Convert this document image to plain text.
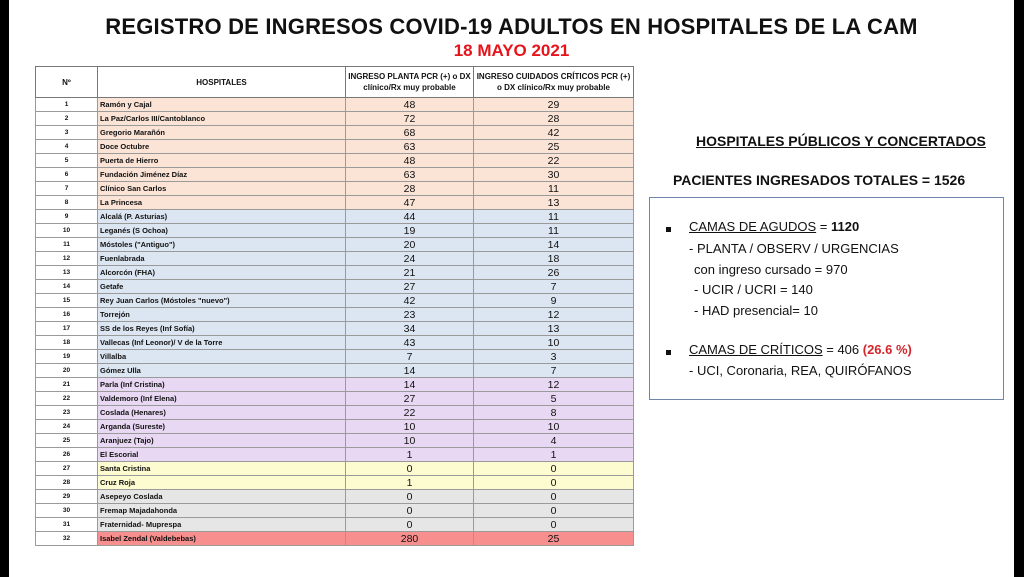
REGISTRO DE INGRESOS COVID-19 ADULTOS EN HOSPITALES DE LA CAM
18 MAYO 2021
Nº	HOSPITALES	INGRESO PLANTA PCR (+) o DX clínico/Rx muy probable	INGRESO CUIDADOS CRÍTICOS PCR (+) o DX clínico/Rx muy probable
1	Ramón y Cajal	48	29
2	La Paz/Carlos III/Cantoblanco	72	28
3	Gregorio Marañón	68	42
4	Doce Octubre	63	25
5	Puerta de Hierro	48	22
6	Fundación Jiménez Díaz	63	30
7	Clínico San Carlos	28	11
8	La Princesa	47	13
9	Alcalá (P. Asturias)	44	11
10	Leganés (S Ochoa)	19	11
11	Móstoles ("Antiguo")	20	14
12	Fuenlabrada	24	18
13	Alcorcón (FHA)	21	26
14	Getafe	27	7
15	Rey Juan Carlos (Móstoles "nuevo")	42	9
16	Torrejón	23	12
17	SS de los Reyes (Inf Sofía)	34	13
18	Vallecas (Inf Leonor)/ V de la Torre	43	10
19	Villalba	7	3
20	Gómez Ulla	14	7
21	Parla (Inf Cristina)	14	12
22	Valdemoro (Inf Elena)	27	5
23	Coslada (Henares)	22	8
24	Arganda (Sureste)	10	10
25	Aranjuez (Tajo)	10	4
26	El Escorial	1	1
27	Santa Cristina	0	0
28	Cruz Roja	1	0
29	Asepeyo Coslada	0	0
30	Fremap Majadahonda	0	0
31	Fraternidad- Muprespa	0	0
32	Isabel Zendal (Valdebebas)	280	25
HOSPITALES PÚBLICOS Y CONCERTADOS
PACIENTES INGRESADOS TOTALES = 1526
CAMAS DE AGUDOS = 1120
- PLANTA / OBSERV / URGENCIAS
con ingreso cursado = 970
- UCIR / UCRI = 140
- HAD presencial= 10
CAMAS DE CRÍTICOS = 406 (26.6 %)
- UCI, Coronaria, REA, QUIRÓFANOS
